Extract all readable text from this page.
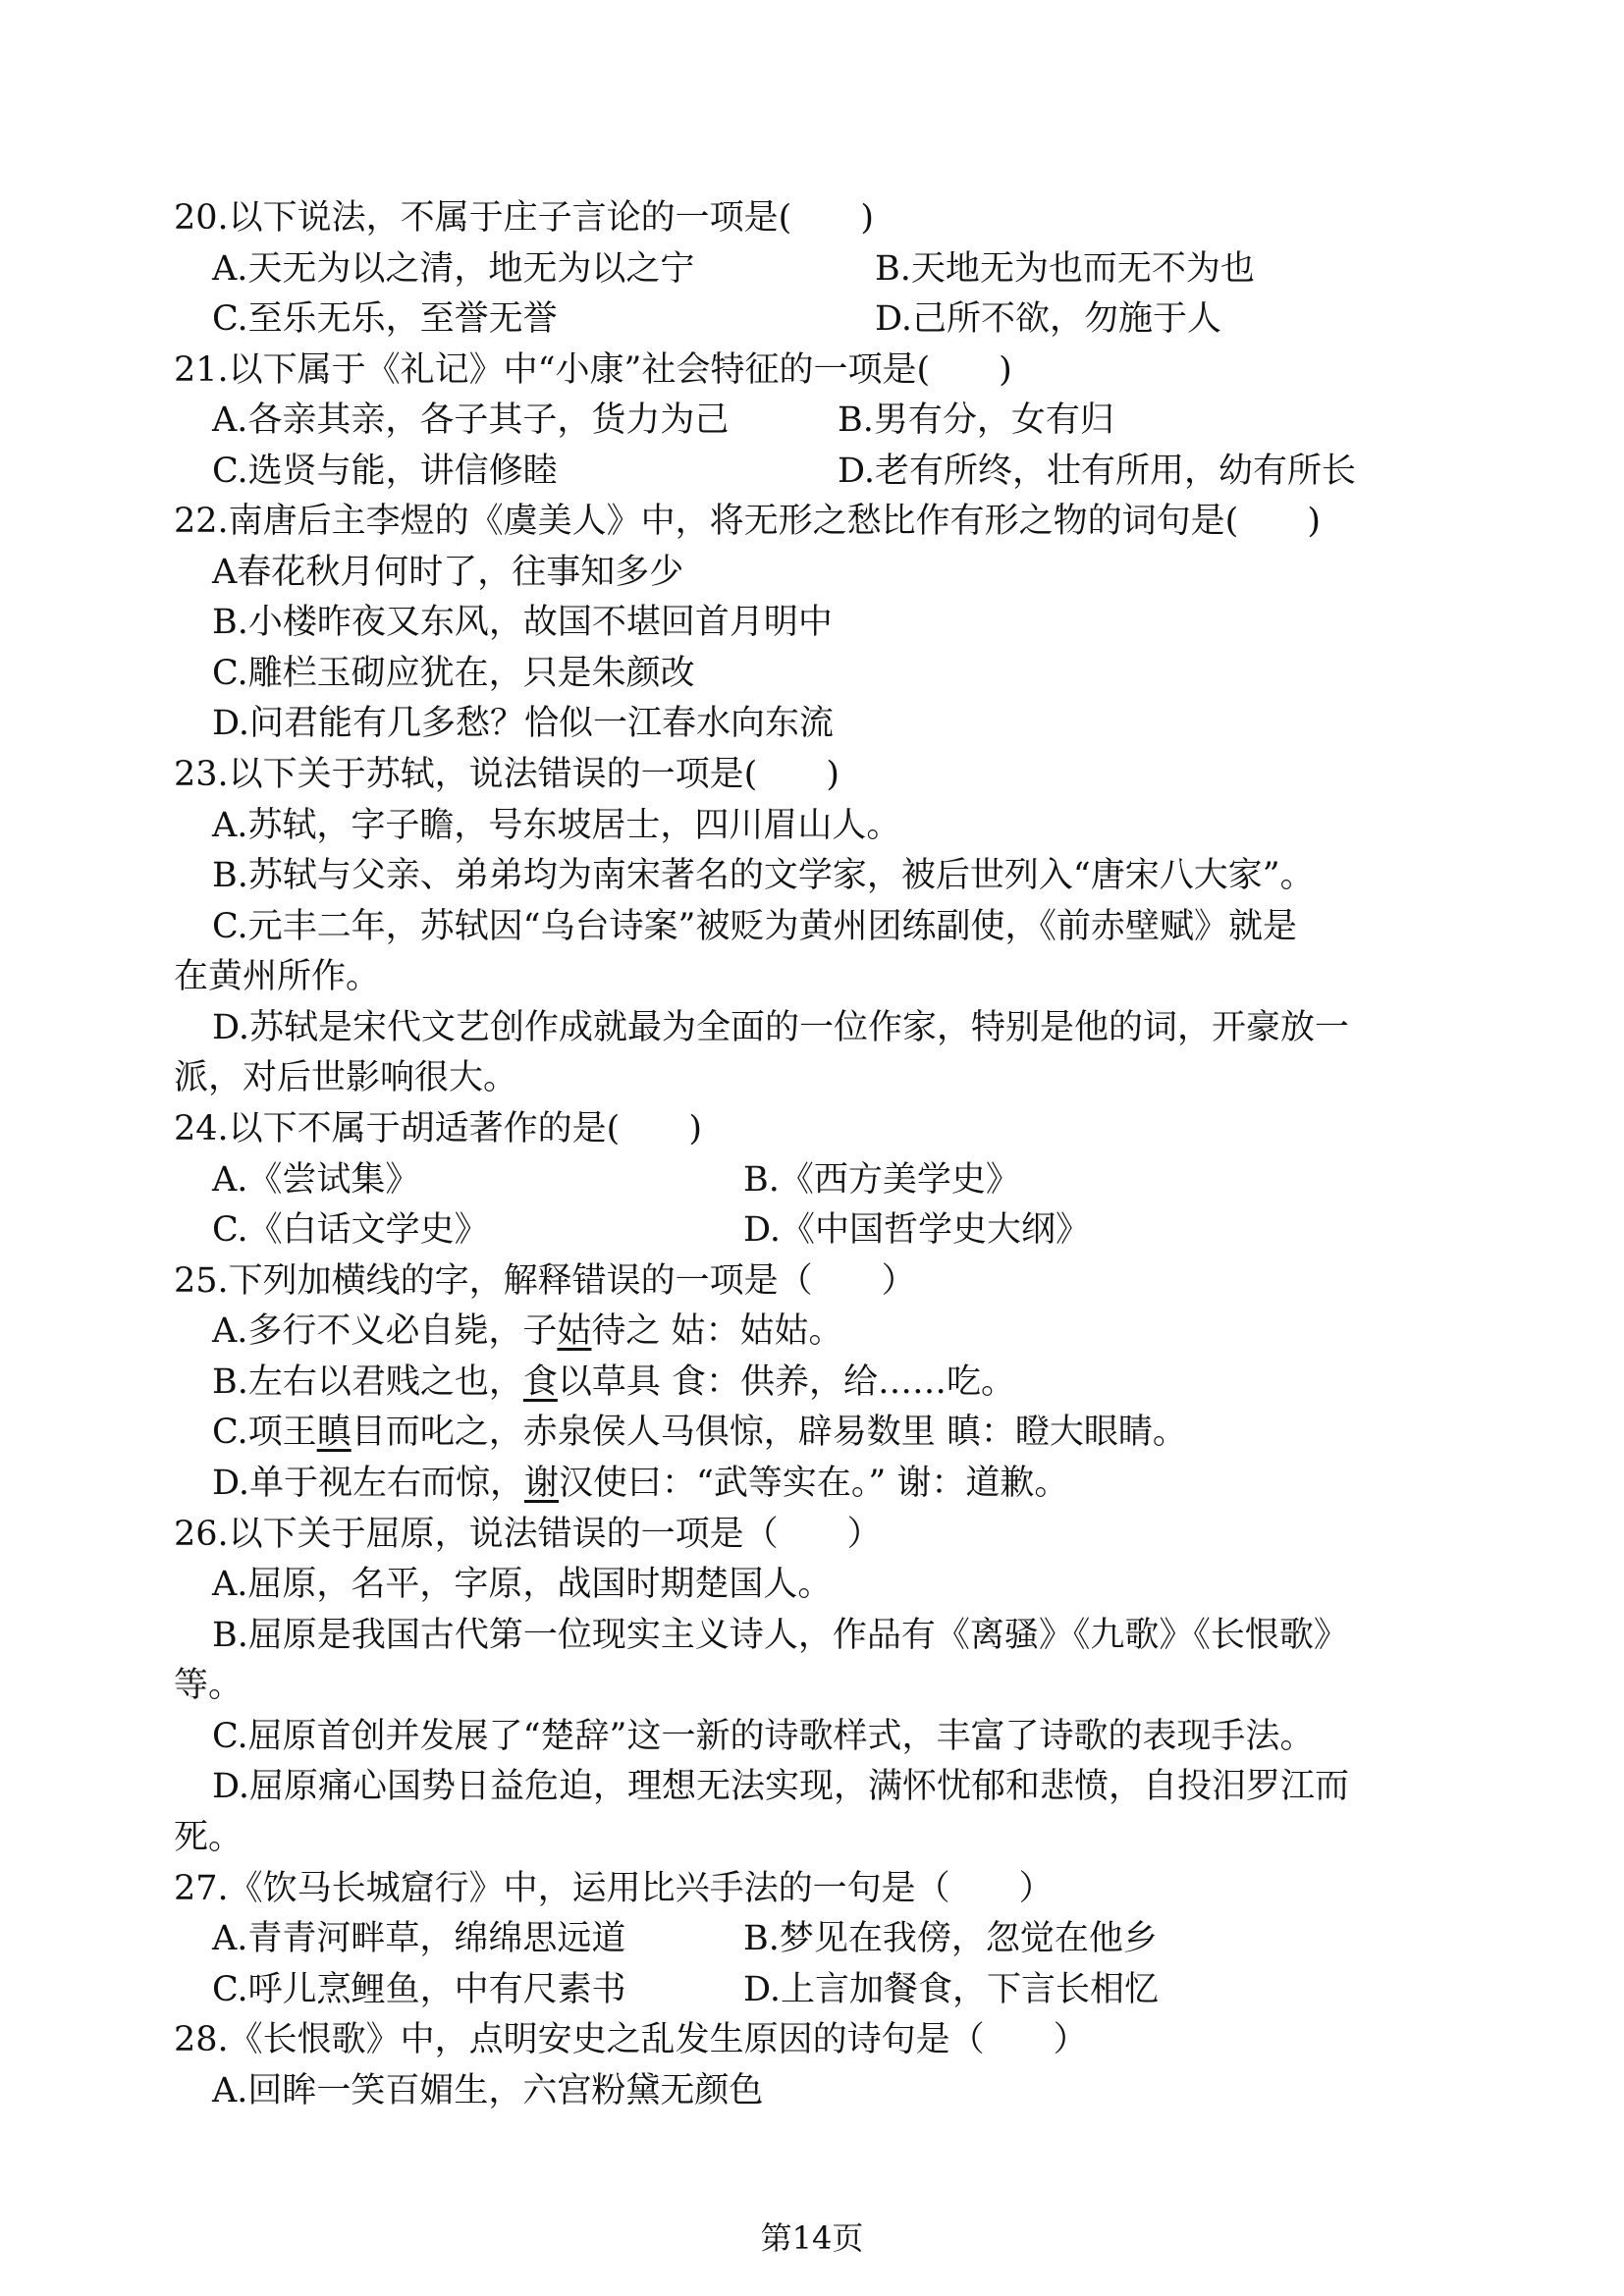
20.以下说法，不属于庄子言论的一项是(　　)
A.天无为以之清，地无为以之宁	B.天地无为也而无不为也
C.至乐无乐，至誉无誉	D.己所不欲，勿施于人
21.以下属于《礼记》中“小康”社会特征的一项是(　　)
A.各亲其亲，各子其子，货力为己	B.男有分，女有归
C.选贤与能，讲信修睦	D.老有所终，壮有所用，幼有所长
22.南唐后主李煜的《虞美人》中，将无形之愁比作有形之物的词句是(　　)
A春花秋月何时了，往事知多少
B.小楼昨夜又东风，故国不堪回首月明中
C.雕栏玉砌应犹在，只是朱颜改
D.问君能有几多愁？恰似一江春水向东流
23.以下关于苏轼，说法错误的一项是(　　)
A.苏轼，字子瞻，号东坡居士，四川眉山人。
B.苏轼与父亲、弟弟均为南宋著名的文学家，被后世列入“唐宋八大家”。
C.元丰二年，苏轼因“乌台诗案”被贬为黄州团练副使，《前赤壁赋》就是
在黄州所作。
D.苏轼是宋代文艺创作成就最为全面的一位作家，特别是他的词，开豪放一
派，对后世影响很大。
24.以下不属于胡适著作的是(　　)
A.《尝试集》	B.《西方美学史》
C.《白话文学史》	D.《中国哲学史大纲》
25.下列加横线的字，解释错误的一项是（　　）
A.多行不义必自毙，子姑待之 姑：姑姑。
B.左右以君贱之也，食以草具 食：供养，给……吃。
C.项王瞋目而叱之，赤泉侯人马俱惊，辟易数里 瞋：瞪大眼睛。
D.单于视左右而惊，谢汉使曰：“武等实在。” 谢：道歉。
26.以下关于屈原，说法错误的一项是（　　）
A.屈原，名平，字原，战国时期楚国人。
B.屈原是我国古代第一位现实主义诗人，作品有《离骚》《九歌》《长恨歌》
等。
C.屈原首创并发展了“楚辞”这一新的诗歌样式，丰富了诗歌的表现手法。
D.屈原痛心国势日益危迫，理想无法实现，满怀忧郁和悲愤，自投汨罗江而
死。
27.《饮马长城窟行》中，运用比兴手法的一句是（　　）
A.青青河畔草，绵绵思远道	B.梦见在我傍，忽觉在他乡
C.呼儿烹鲤鱼，中有尺素书	D.上言加餐食，下言长相忆
28.《长恨歌》中，点明安史之乱发生原因的诗句是（　　）
A.回眸一笑百媚生，六宫粉黛无颜色
第14页
